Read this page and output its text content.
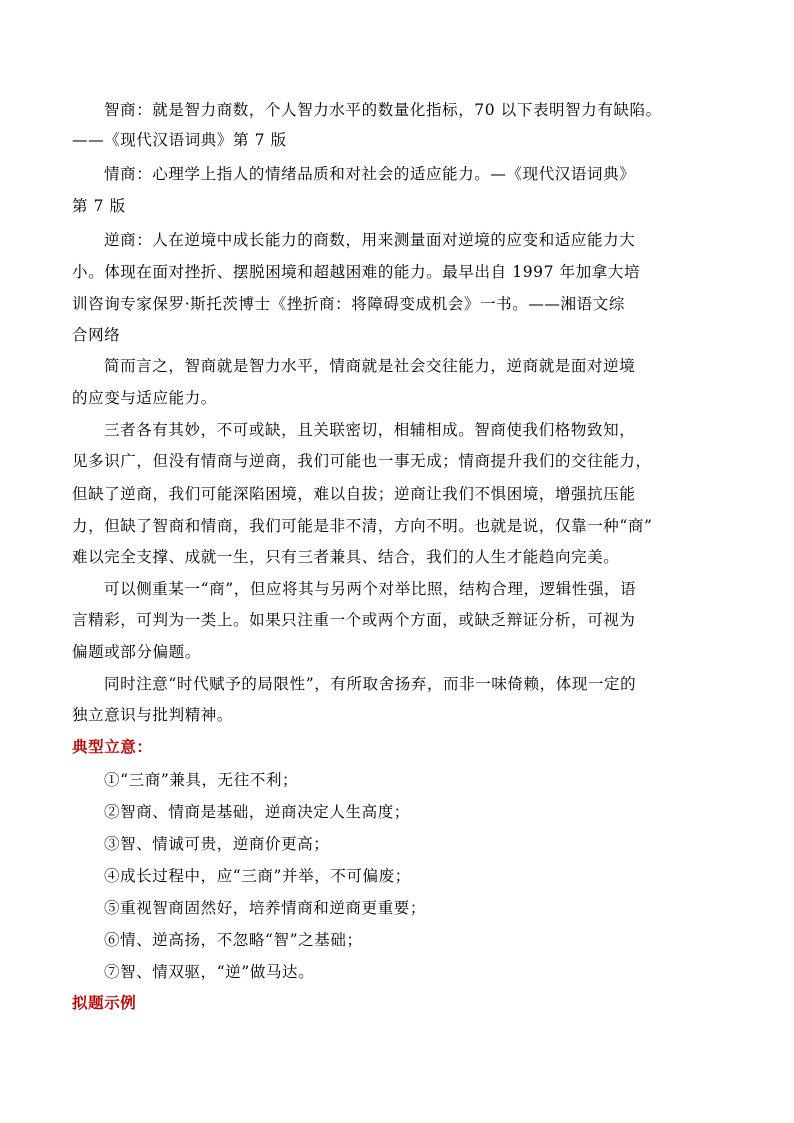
智商：就是智力商数，个人智力水平的数量化指标，70 以下表明智力有缺陷。
——《现代汉语词典》第 7 版
情商：心理学上指人的情绪品质和对社会的适应能力。—《现代汉语词典》
第 7 版
逆商：人在逆境中成长能力的商数，用来测量面对逆境的应变和适应能力大
小。体现在面对挫折、摆脱困境和超越困难的能力。最早出自 1997 年加拿大培
训咨询专家保罗·斯托茨博士《挫折商：将障碍变成机会》一书。——湘语文综
合网络
简而言之，智商就是智力水平，情商就是社会交往能力，逆商就是面对逆境
的应变与适应能力。
三者各有其妙，不可或缺，且关联密切，相辅相成。智商使我们格物致知，
见多识广，但没有情商与逆商，我们可能也一事无成；情商提升我们的交往能力，
但缺了逆商，我们可能深陷困境，难以自拔；逆商让我们不惧困境，增强抗压能
力，但缺了智商和情商，我们可能是非不清，方向不明。也就是说，仅靠一种“商”
难以完全支撑、成就一生，只有三者兼具、结合，我们的人生才能趋向完美。
可以侧重某一“商”，但应将其与另两个对举比照，结构合理，逻辑性强，语
言精彩，可判为一类上。如果只注重一个或两个方面，或缺乏辩证分析，可视为
偏题或部分偏题。
同时注意“时代赋予的局限性”，有所取舍扬弃，而非一味倚赖，体现一定的
独立意识与批判精神。
典型立意：
①“三商”兼具，无往不利；
②智商、情商是基础，逆商决定人生高度；
③智、情诚可贵，逆商价更高；
④成长过程中，应“三商”并举，不可偏废；
⑤重视智商固然好，培养情商和逆商更重要；
⑥情、逆高扬，不忽略“智”之基础；
⑦智、情双驱，“逆”做马达。
拟题示例
